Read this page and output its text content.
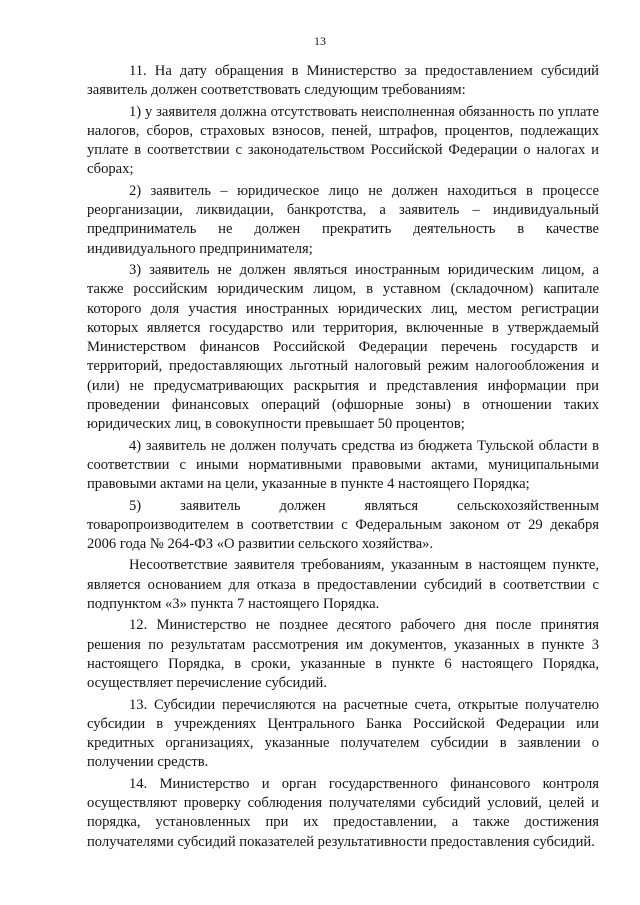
13

11. На дату обращения в Министерство за предоставлением субсидий заявитель должен соответствовать следующим требованиям:

1) у заявителя должна отсутствовать неисполненная обязанность по уплате налогов, сборов, страховых взносов, пеней, штрафов, процентов, подлежащих уплате в соответствии с законодательством Российской Федерации о налогах и сборах;

2) заявитель – юридическое лицо не должен находиться в процессе реорганизации, ликвидации, банкротства, а заявитель – индивидуальный предприниматель не должен прекратить деятельность в качестве индивидуального предпринимателя;

3) заявитель не должен являться иностранным юридическим лицом, а также российским юридическим лицом, в уставном (складочном) капитале которого доля участия иностранных юридических лиц, местом регистрации которых является государство или территория, включенные в утверждаемый Министерством финансов Российской Федерации перечень государств и территорий, предоставляющих льготный налоговый режим налогообложения и (или) не предусматривающих раскрытия и представления информации при проведении финансовых операций (офшорные зоны) в отношении таких юридических лиц, в совокупности превышает 50 процентов;

4) заявитель не должен получать средства из бюджета Тульской области в соответствии с иными нормативными правовыми актами, муниципальными правовыми актами на цели, указанные в пункте 4 настоящего Порядка;

5) заявитель должен являться сельскохозяйственным товаропроизводителем в соответствии с Федеральным законом от 29 декабря 2006 года № 264-ФЗ «О развитии сельского хозяйства».

Несоответствие заявителя требованиям, указанным в настоящем пункте, является основанием для отказа в предоставлении субсидий в соответствии с подпунктом «3» пункта 7 настоящего Порядка.

12. Министерство не позднее десятого рабочего дня после принятия решения по результатам рассмотрения им документов, указанных в пункте 3 настоящего Порядка, в сроки, указанные в пункте 6 настоящего Порядка, осуществляет перечисление субсидий.

13. Субсидии перечисляются на расчетные счета, открытые получателю субсидии в учреждениях Центрального Банка Российской Федерации или кредитных организациях, указанные получателем субсидии в заявлении о получении средств.

14. Министерство и орган государственного финансового контроля осуществляют проверку соблюдения получателями субсидий условий, целей и порядка, установленных при их предоставлении, а также достижения получателями субсидий показателей результативности предоставления субсидий.
